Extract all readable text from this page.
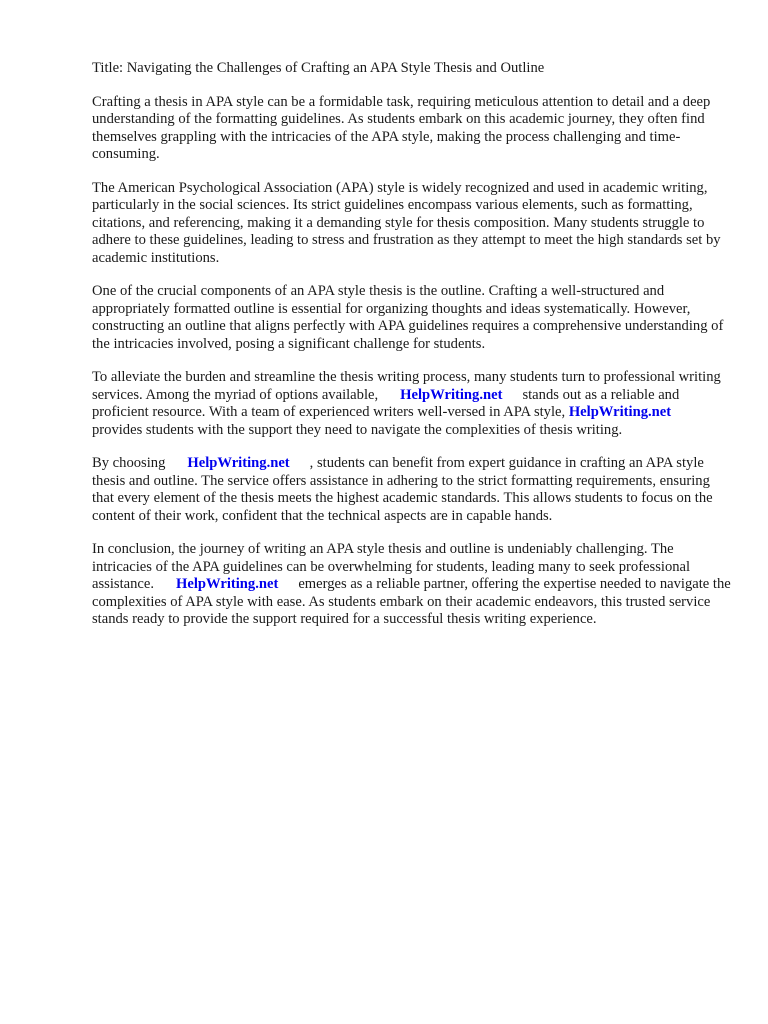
Title: Navigating the Challenges of Crafting an APA Style Thesis and Outline

Crafting a thesis in APA style can be a formidable task, requiring meticulous attention to detail and a deep understanding of the formatting guidelines. As students embark on this academic journey, they often find themselves grappling with the intricacies of the APA style, making the process challenging and time-consuming.

The American Psychological Association (APA) style is widely recognized and used in academic writing, particularly in the social sciences. Its strict guidelines encompass various elements, such as formatting, citations, and referencing, making it a demanding style for thesis composition. Many students struggle to adhere to these guidelines, leading to stress and frustration as they attempt to meet the high standards set by academic institutions.

One of the crucial components of an APA style thesis is the outline. Crafting a well-structured and appropriately formatted outline is essential for organizing thoughts and ideas systematically. However, constructing an outline that aligns perfectly with APA guidelines requires a comprehensive understanding of the intricacies involved, posing a significant challenge for students.

To alleviate the burden and streamline the thesis writing process, many students turn to professional writing services. Among the myriad of options available, HelpWriting.net stands out as a reliable and proficient resource. With a team of experienced writers well-versed in APA style, HelpWriting.netprovides students with the support they need to navigate the complexities of thesis writing.

By choosing HelpWriting.net , students can benefit from expert guidance in crafting an APA style thesis and outline. The service offers assistance in adhering to the strict formatting requirements, ensuring that every element of the thesis meets the highest academic standards. This allows students to focus on the content of their work, confident that the technical aspects are in capable hands.

In conclusion, the journey of writing an APA style thesis and outline is undeniably challenging. The intricacies of the APA guidelines can be overwhelming for students, leading many to seek professional assistance. HelpWriting.net emerges as a reliable partner, offering the expertise needed to navigate the complexities of APA style with ease. As students embark on their academic endeavors, this trusted service stands ready to provide the support required for a successful thesis writing experience.
